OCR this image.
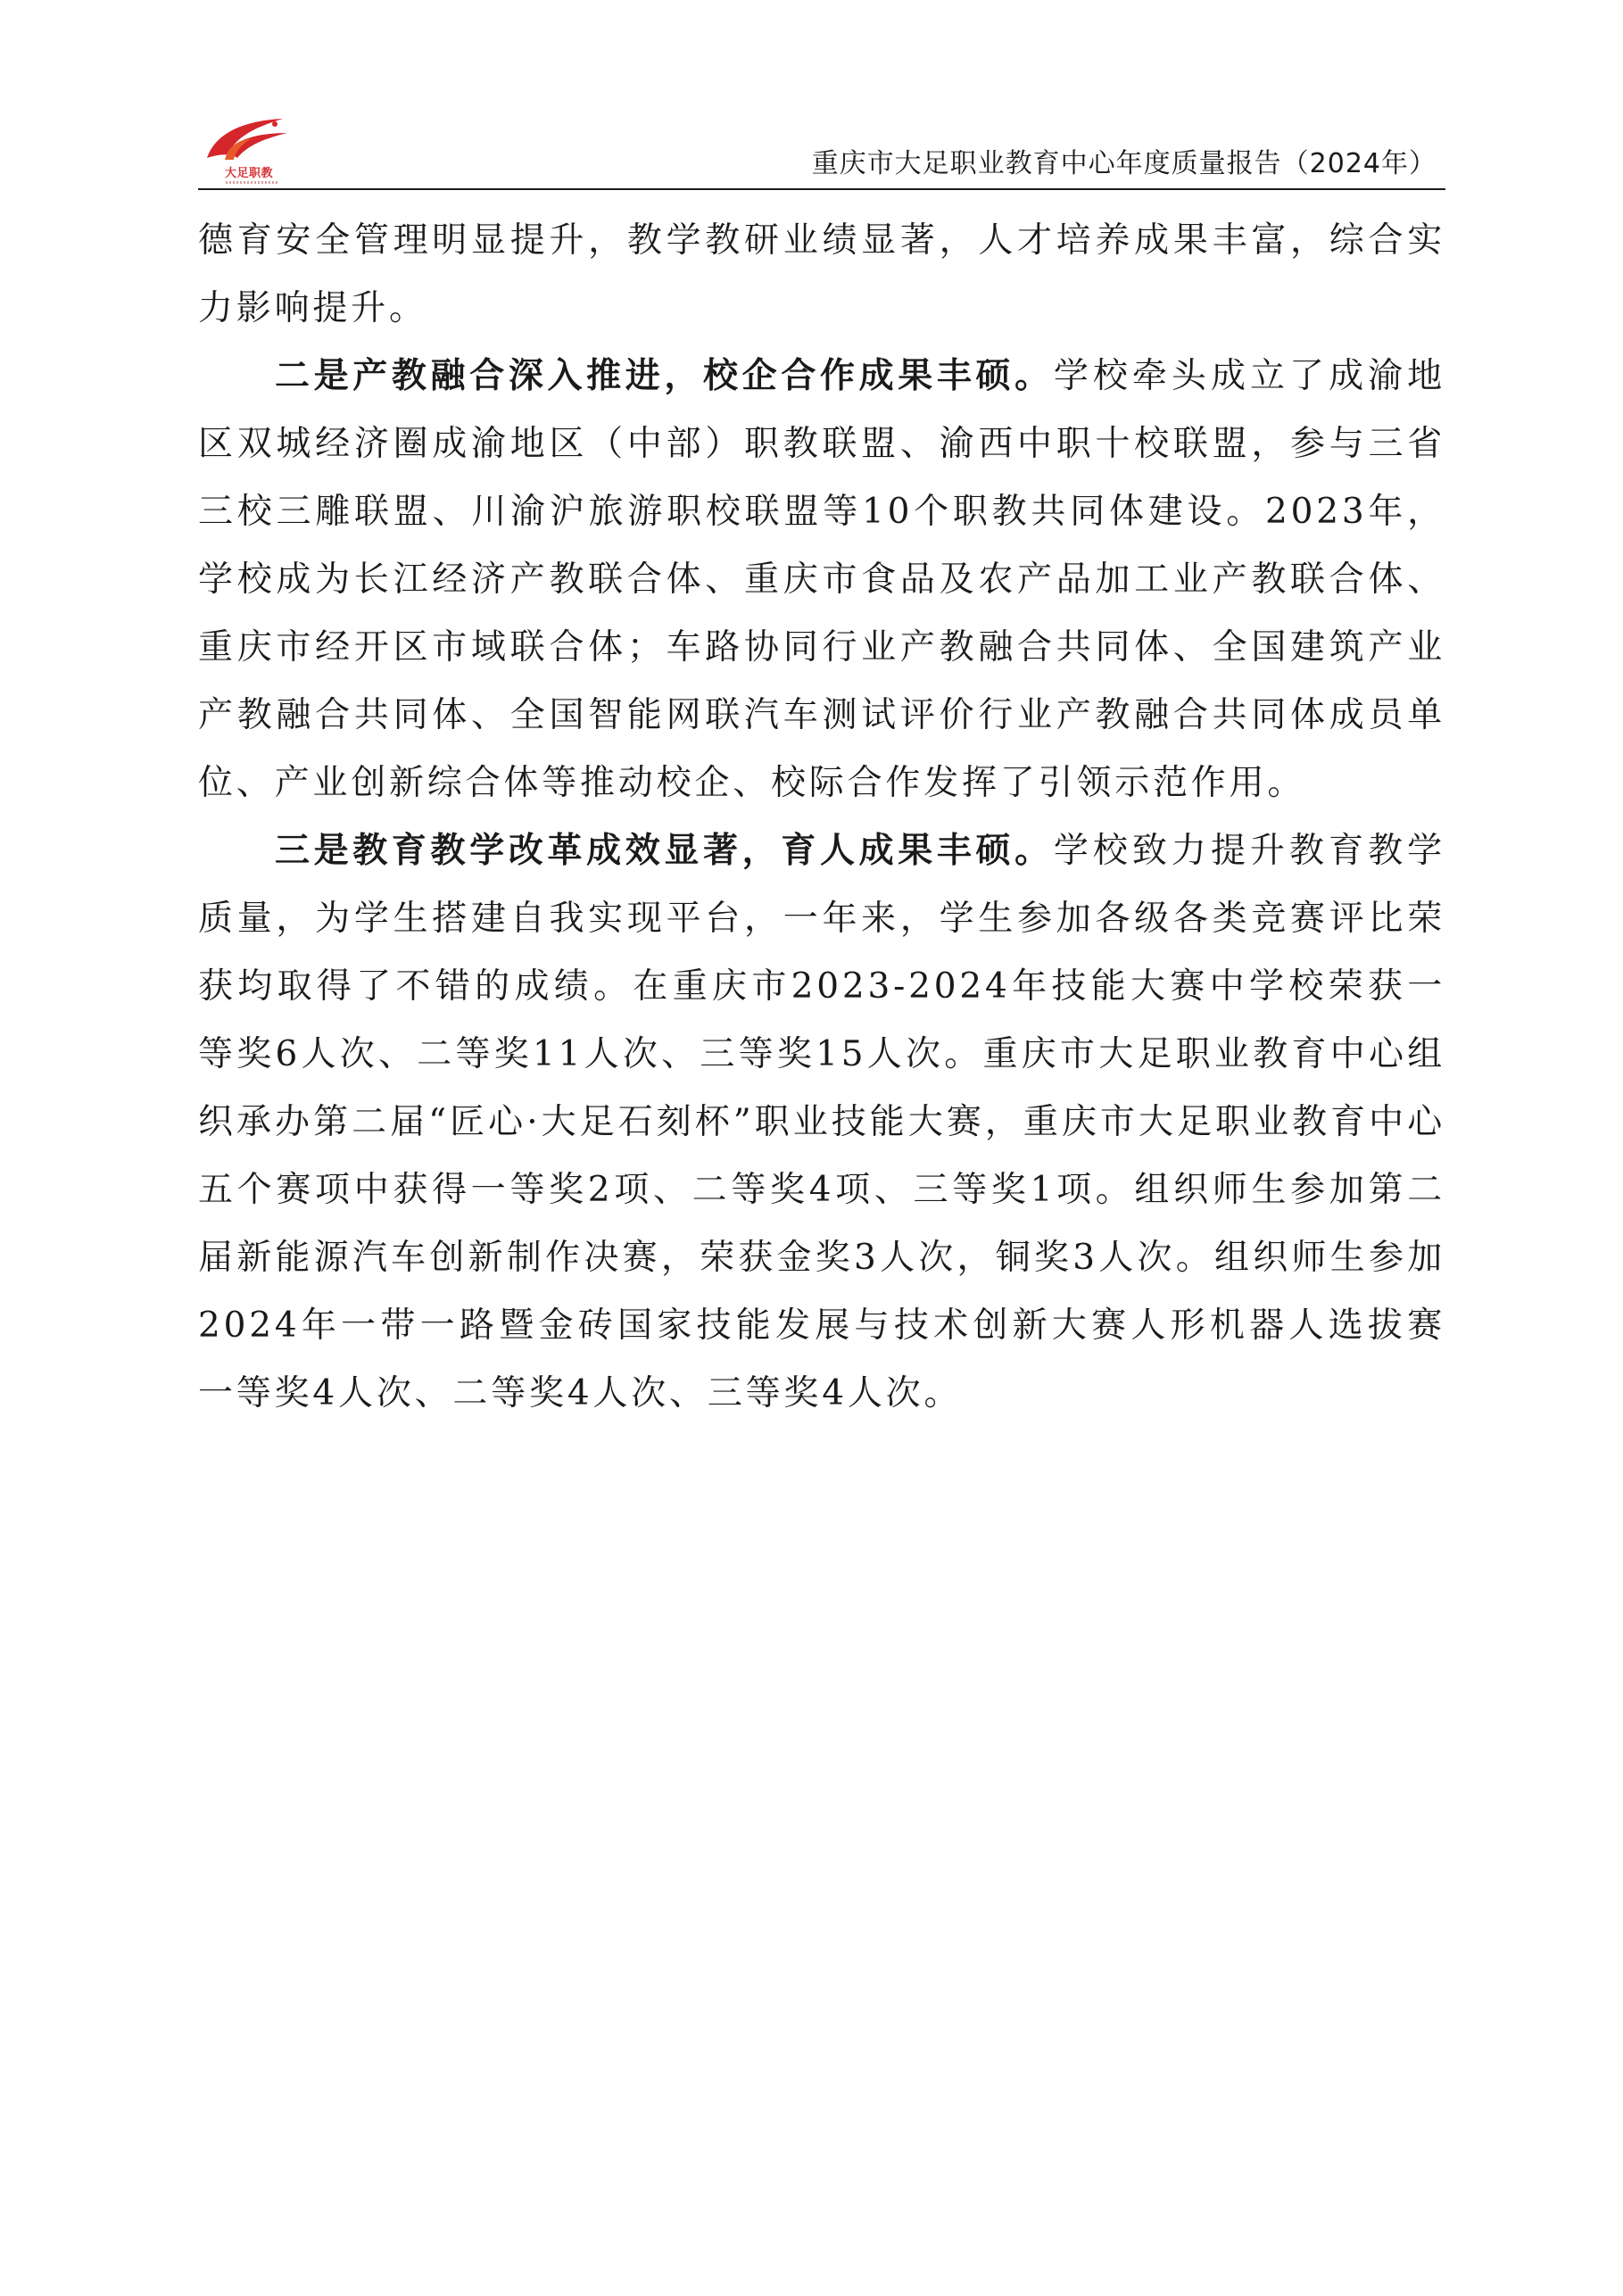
大足职教	重庆市大足职业教育中心年度质量报告（2024年）

德育安全管理明显提升，教学教研业绩显著，人才培养成果丰富，综合实力影响提升。

二是产教融合深入推进，校企合作成果丰硕。学校牵头成立了成渝地区双城经济圈成渝地区（中部）职教联盟、渝西中职十校联盟，参与三省三校三雕联盟、川渝沪旅游职校联盟等10个职教共同体建设。2023年，学校成为长江经济产教联合体、重庆市食品及农产品加工业产教联合体、重庆市经开区市域联合体；车路协同行业产教融合共同体、全国建筑产业产教融合共同体、全国智能网联汽车测试评价行业产教融合共同体成员单位、产业创新综合体等推动校企、校际合作发挥了引领示范作用。

三是教育教学改革成效显著，育人成果丰硕。学校致力提升教育教学质量，为学生搭建自我实现平台，一年来，学生参加各级各类竞赛评比荣获均取得了不错的成绩。在重庆市2023-2024年技能大赛中学校荣获一等奖6人次、二等奖11人次、三等奖15人次。重庆市大足职业教育中心组织承办第二届“匠心·大足石刻杯”职业技能大赛，重庆市大足职业教育中心五个赛项中获得一等奖2项、二等奖4项、三等奖1项。组织师生参加第二届新能源汽车创新制作决赛，荣获金奖3人次，铜奖3人次。组织师生参加2024年一带一路暨金砖国家技能发展与技术创新大赛人形机器人选拔赛一等奖4人次、二等奖4人次、三等奖4人次。
